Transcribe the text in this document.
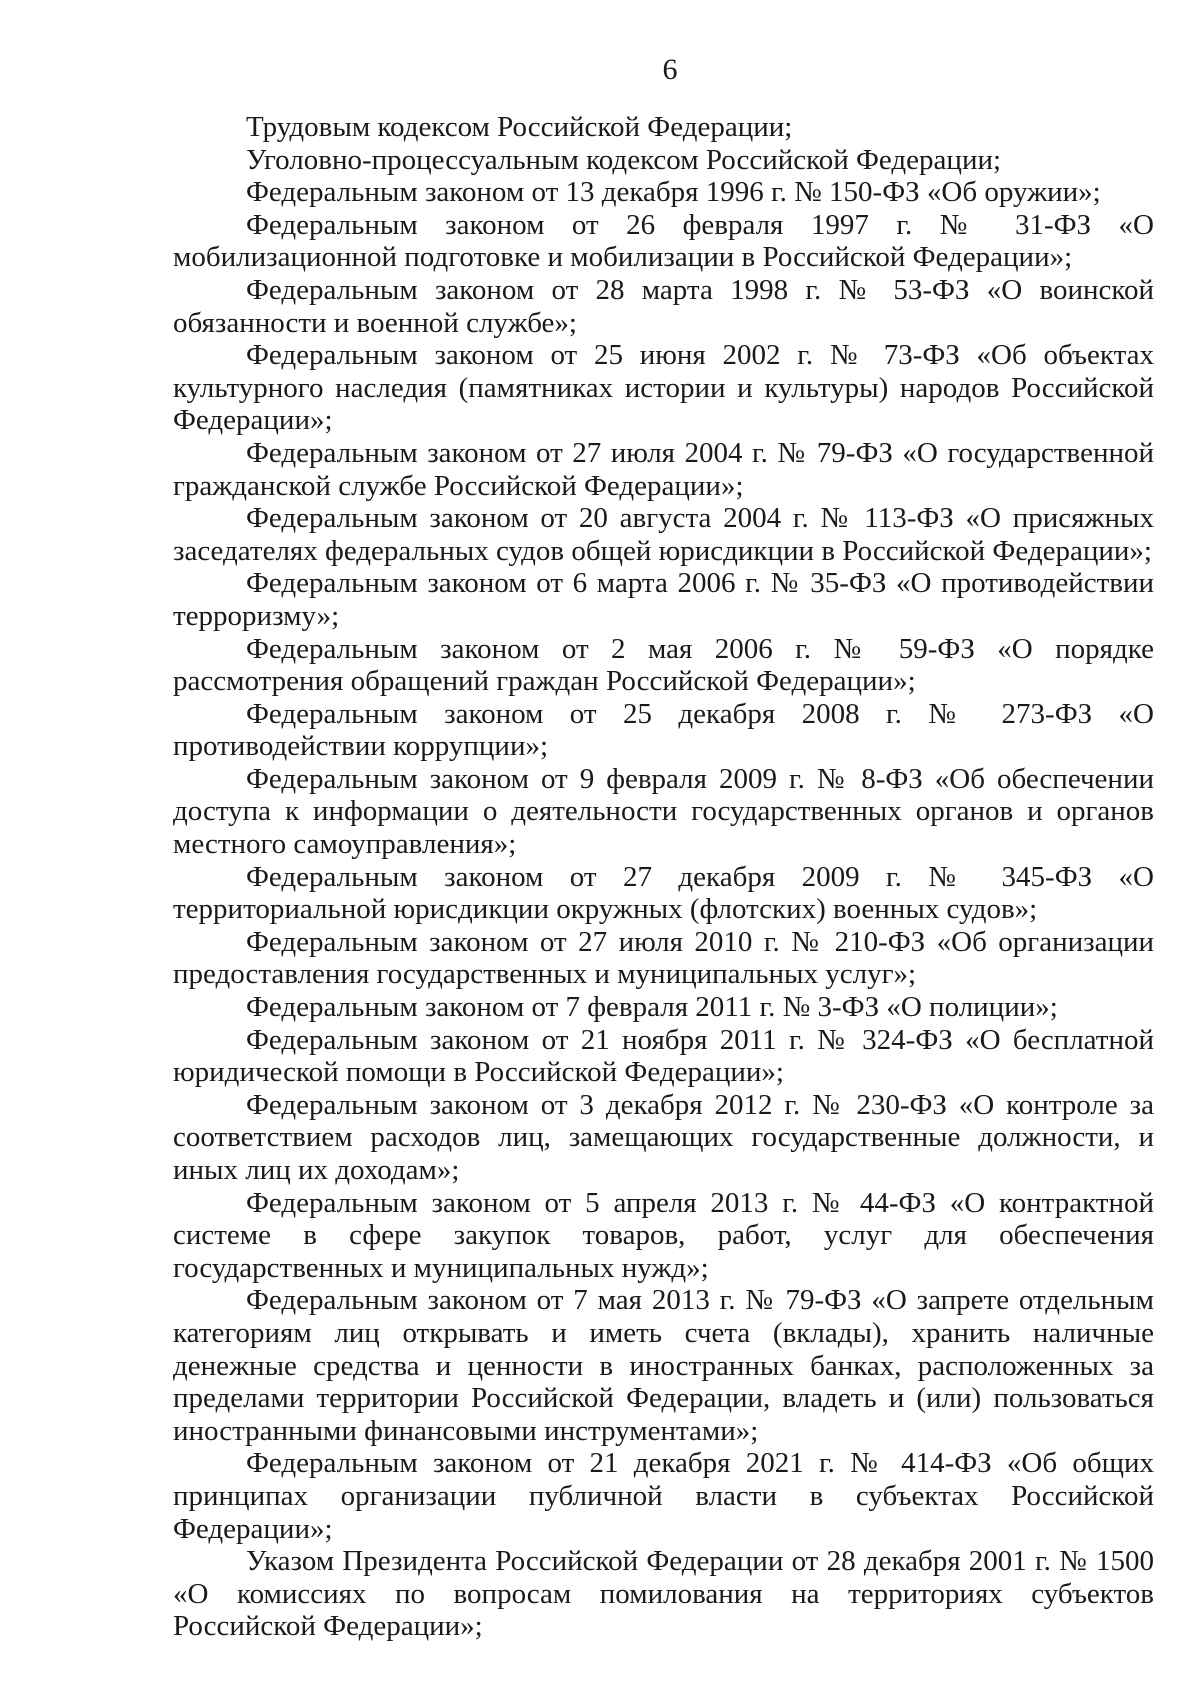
6

Трудовым кодексом Российской Федерации;

Уголовно-процессуальным кодексом Российской Федерации;

Федеральным законом от 13 декабря 1996 г. № 150-ФЗ «Об оружии»;

Федеральным законом от 26 февраля 1997 г. № 31-ФЗ «О мобилизационной подготовке и мобилизации в Российской Федерации»;

Федеральным законом от 28 марта 1998 г. № 53-ФЗ «О воинской обязанности и военной службе»;

Федеральным законом от 25 июня 2002 г. № 73-ФЗ «Об объектах культурного наследия (памятниках истории и культуры) народов Российской Федерации»;

Федеральным законом от 27 июля 2004 г. № 79-ФЗ «О государственной гражданской службе Российской Федерации»;

Федеральным законом от 20 августа 2004 г. № 113-ФЗ «О присяжных заседателях федеральных судов общей юрисдикции в Российской Федерации»;

Федеральным законом от 6 марта 2006 г. № 35-ФЗ «О противодействии терроризму»;

Федеральным законом от 2 мая 2006 г. № 59-ФЗ «О порядке рассмотрения обращений граждан Российской Федерации»;

Федеральным законом от 25 декабря 2008 г. № 273-ФЗ «О противодействии коррупции»;

Федеральным законом от 9 февраля 2009 г. № 8-ФЗ «Об обеспечении доступа к информации о деятельности государственных органов и органов местного самоуправления»;

Федеральным законом от 27 декабря 2009 г. № 345-ФЗ «О территориальной юрисдикции окружных (флотских) военных судов»;

Федеральным законом от 27 июля 2010 г. № 210-ФЗ «Об организации предоставления государственных и муниципальных услуг»;

Федеральным законом от 7 февраля 2011 г. № 3-ФЗ «О полиции»;

Федеральным законом от 21 ноября 2011 г. № 324-ФЗ «О бесплатной юридической помощи в Российской Федерации»;

Федеральным законом от 3 декабря 2012 г. № 230-ФЗ «О контроле за соответствием расходов лиц, замещающих государственные должности, и иных лиц их доходам»;

Федеральным законом от 5 апреля 2013 г. № 44-ФЗ «О контрактной системе в сфере закупок товаров, работ, услуг для обеспечения государственных и муниципальных нужд»;

Федеральным законом от 7 мая 2013 г. № 79-ФЗ «О запрете отдельным категориям лиц открывать и иметь счета (вклады), хранить наличные денежные средства и ценности в иностранных банках, расположенных за пределами территории Российской Федерации, владеть и (или) пользоваться иностранными финансовыми инструментами»;

Федеральным законом от 21 декабря 2021 г. № 414-ФЗ «Об общих принципах организации публичной власти в субъектах Российской Федерации»;

Указом Президента Российской Федерации от 28 декабря 2001 г. № 1500 «О комиссиях по вопросам помилования на территориях субъектов Российской Федерации»;
